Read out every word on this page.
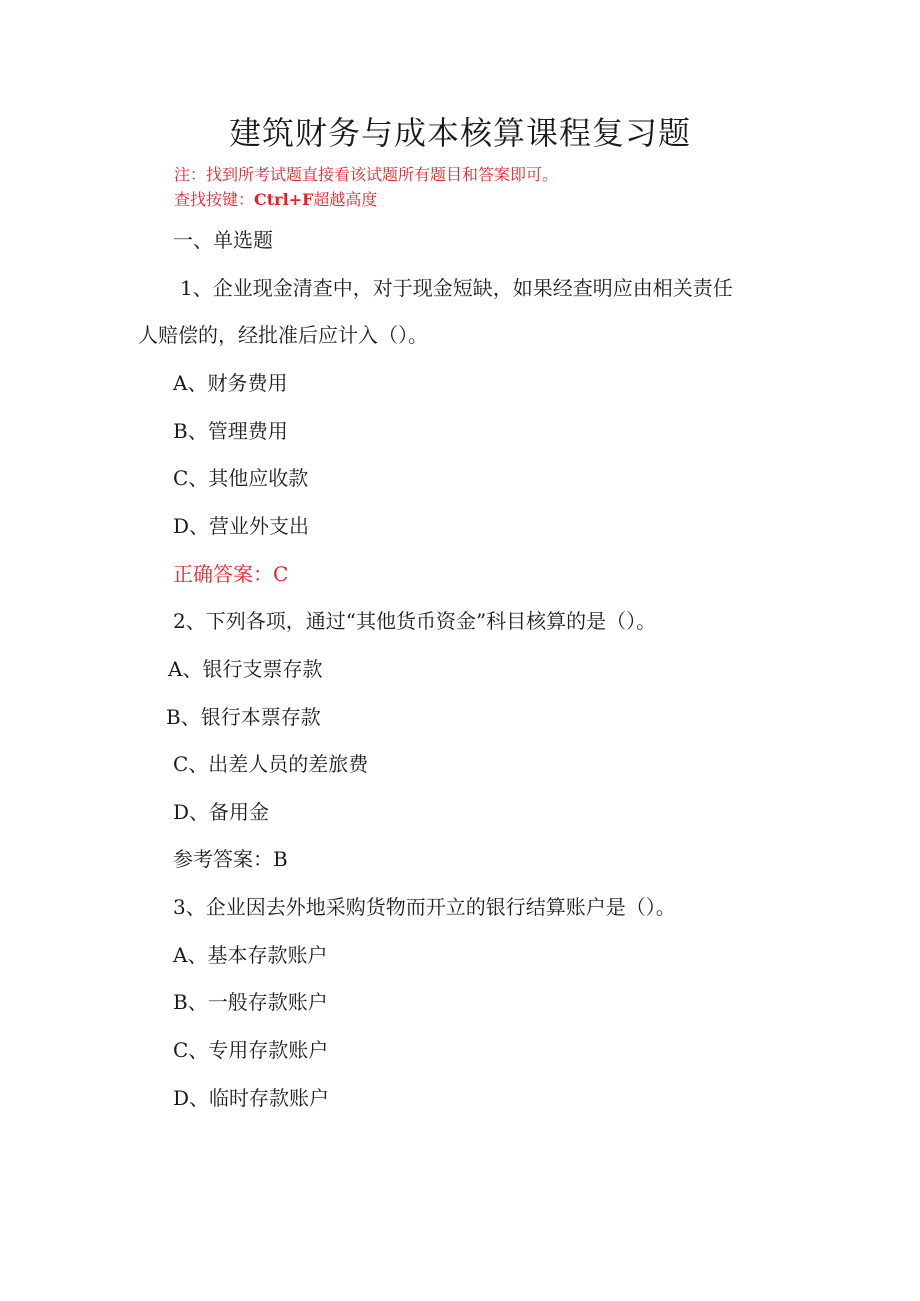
建筑财务与成本核算课程复习题

注：找到所考试题直接看该试题所有题目和答案即可。

查找按键：Ctrl+F超越高度

一、单选题

1、企业现金清查中，对于现金短缺，如果经查明应由相关责任

人赔偿的，经批准后应计入（）。

A、财务费用

B、管理费用

C、其他应收款

D、营业外支出

正确答案：C

2、下列各项，通过“其他货币资金”科目核算的是（）。

A、银行支票存款

B、银行本票存款

C、出差人员的差旅费

D、备用金

参考答案：B

3、企业因去外地采购货物而开立的银行结算账户是（）。

A、基本存款账户

B、一般存款账户

C、专用存款账户

D、临时存款账户
